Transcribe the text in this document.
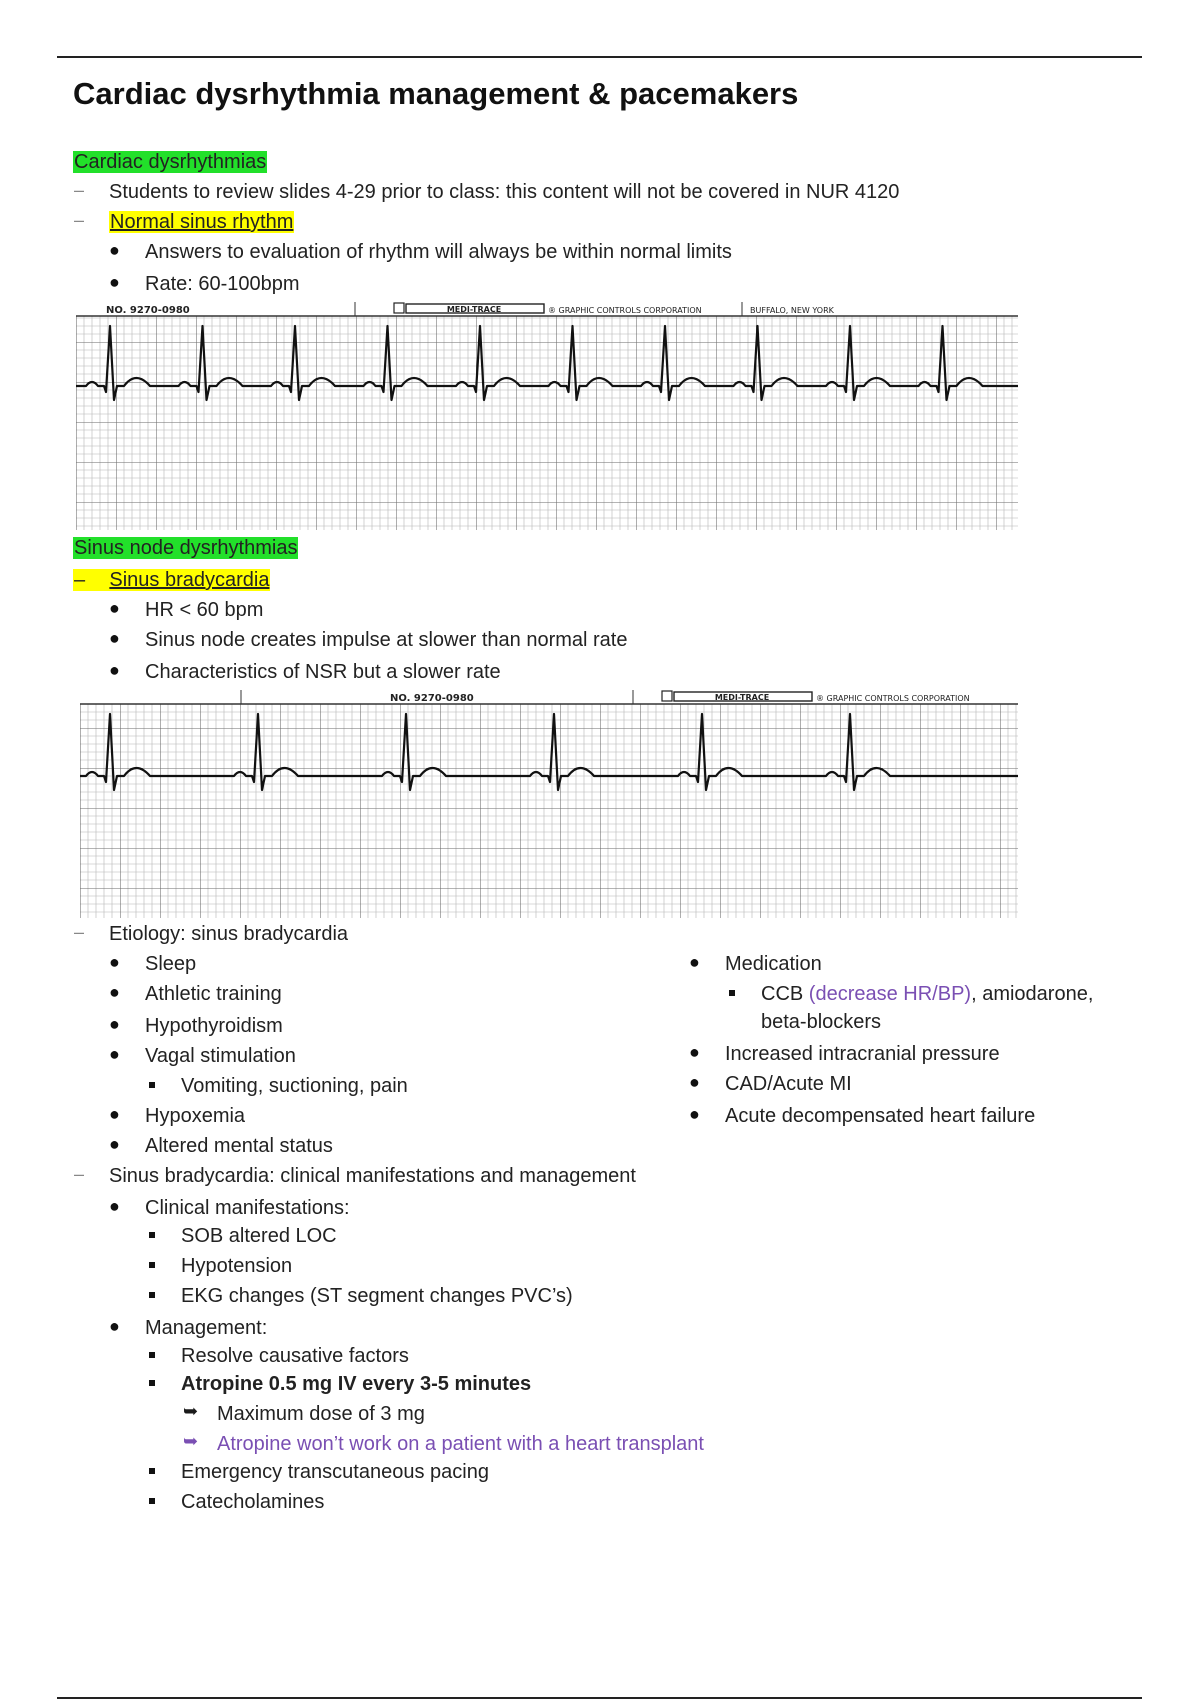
Cardiac dysrhythmia management & pacemakers
Cardiac dysrhythmias
– Students to review slides 4-29 prior to class: this content will not be covered in NUR 4120
– Normal sinus rhythm
● Answers to evaluation of rhythm will always be within normal limits
● Rate: 60-100bpm
NO. 9270-0980	MEDI-TRACE	® GRAPHIC CONTROLS CORPORATION	BUFFALO, NEW YORK
Sinus node dysrhythmias
–    Sinus bradycardia
● HR < 60 bpm
● Sinus node creates impulse at slower than normal rate
● Characteristics of NSR but a slower rate
NO. 9270-0980	MEDI-TRACE	® GRAPHIC CONTROLS CORPORATION
– Etiology: sinus bradycardia
● Sleep
● Athletic training
● Hypothyroidism
● Vagal stimulation
Vomiting, suctioning, pain
● Hypoxemia
● Altered mental status
● Medication
CCB (decrease HR/BP), amiodarone,
beta-blockers
● Increased intracranial pressure
● CAD/Acute MI
● Acute decompensated heart failure
– Sinus bradycardia: clinical manifestations and management
● Clinical manifestations:
SOB altered LOC
Hypotension
EKG changes (ST segment changes PVC’s)
● Management:
Resolve causative factors
Atropine 0.5 mg IV every 3-5 minutes
➥ Maximum dose of 3 mg
➥ Atropine won’t work on a patient with a heart transplant
Emergency transcutaneous pacing
Catecholamines
